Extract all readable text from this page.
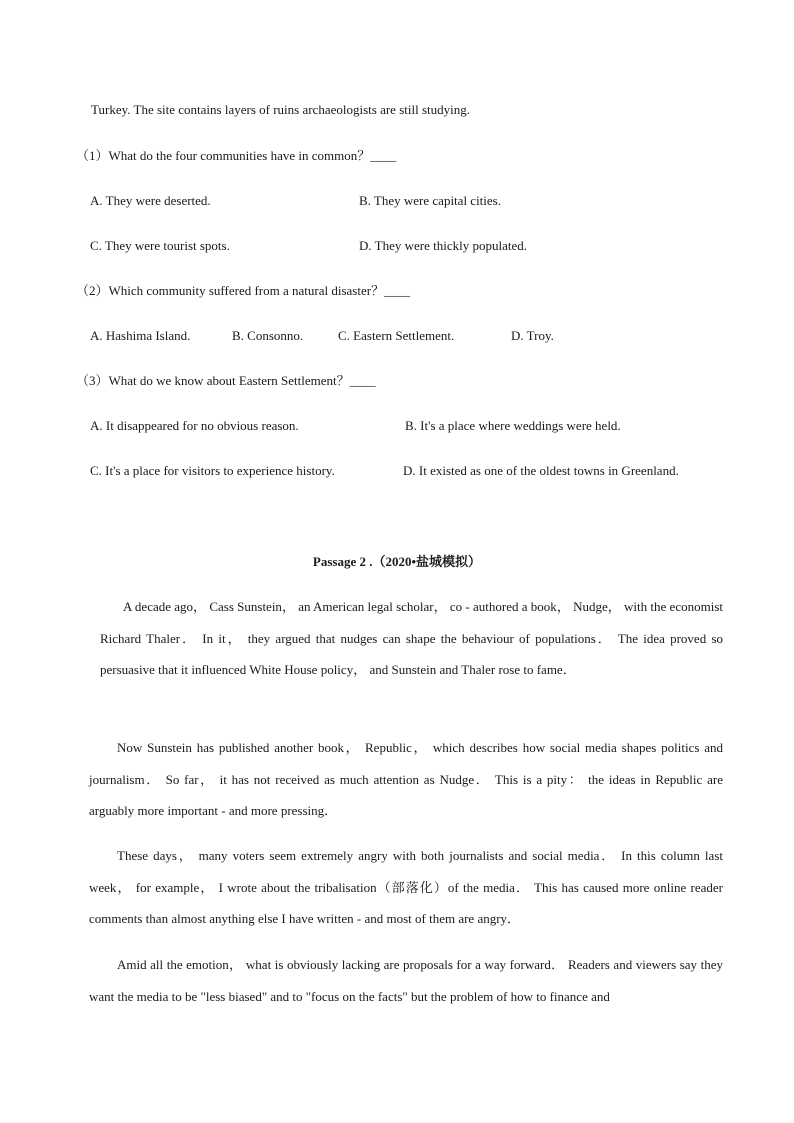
Turkey. The site contains layers of ruins archaeologists are still studying.
（1）What do the four communities have in common？____
A. They were deserted.	B. They were capital cities.
C. They were tourist spots.	D. They were thickly populated.
（2）Which community suffered from a natural disaster？____
A. Hashima Island.	B. Consonno.	C. Eastern Settlement.	D. Troy.
（3）What do we know about Eastern Settlement？____
A. It disappeared for no obvious reason.	B. It's a place where weddings were held.
C. It's a place for visitors to experience history.	D. It existed as one of the oldest towns in Greenland.
Passage 2 .（2020•盐城模拟）
A decade ago， Cass Sunstein， an American legal scholar， co - authored a book， Nudge， with the economist Richard Thaler． In it， they argued that nudges can shape the behaviour of populations． The idea proved so persuasive that it influenced White House policy， and Sunstein and Thaler rose to fame．
Now Sunstein has published another book， Republic， which describes how social media shapes politics and journalism． So far， it has not received as much attention as Nudge． This is a pity： the ideas in Republic are arguably more important - and more pressing．
These days， many voters seem extremely angry with both journalists and social media． In this column last week， for example， I wrote about the tribalisation（部落化）of the media． This has caused more online reader comments than almost anything else I have written - and most of them are angry．
Amid all the emotion， what is obviously lacking are proposals for a way forward． Readers and viewers say they want the media to be "less biased" and to "focus on the facts" but the problem of how to finance and
